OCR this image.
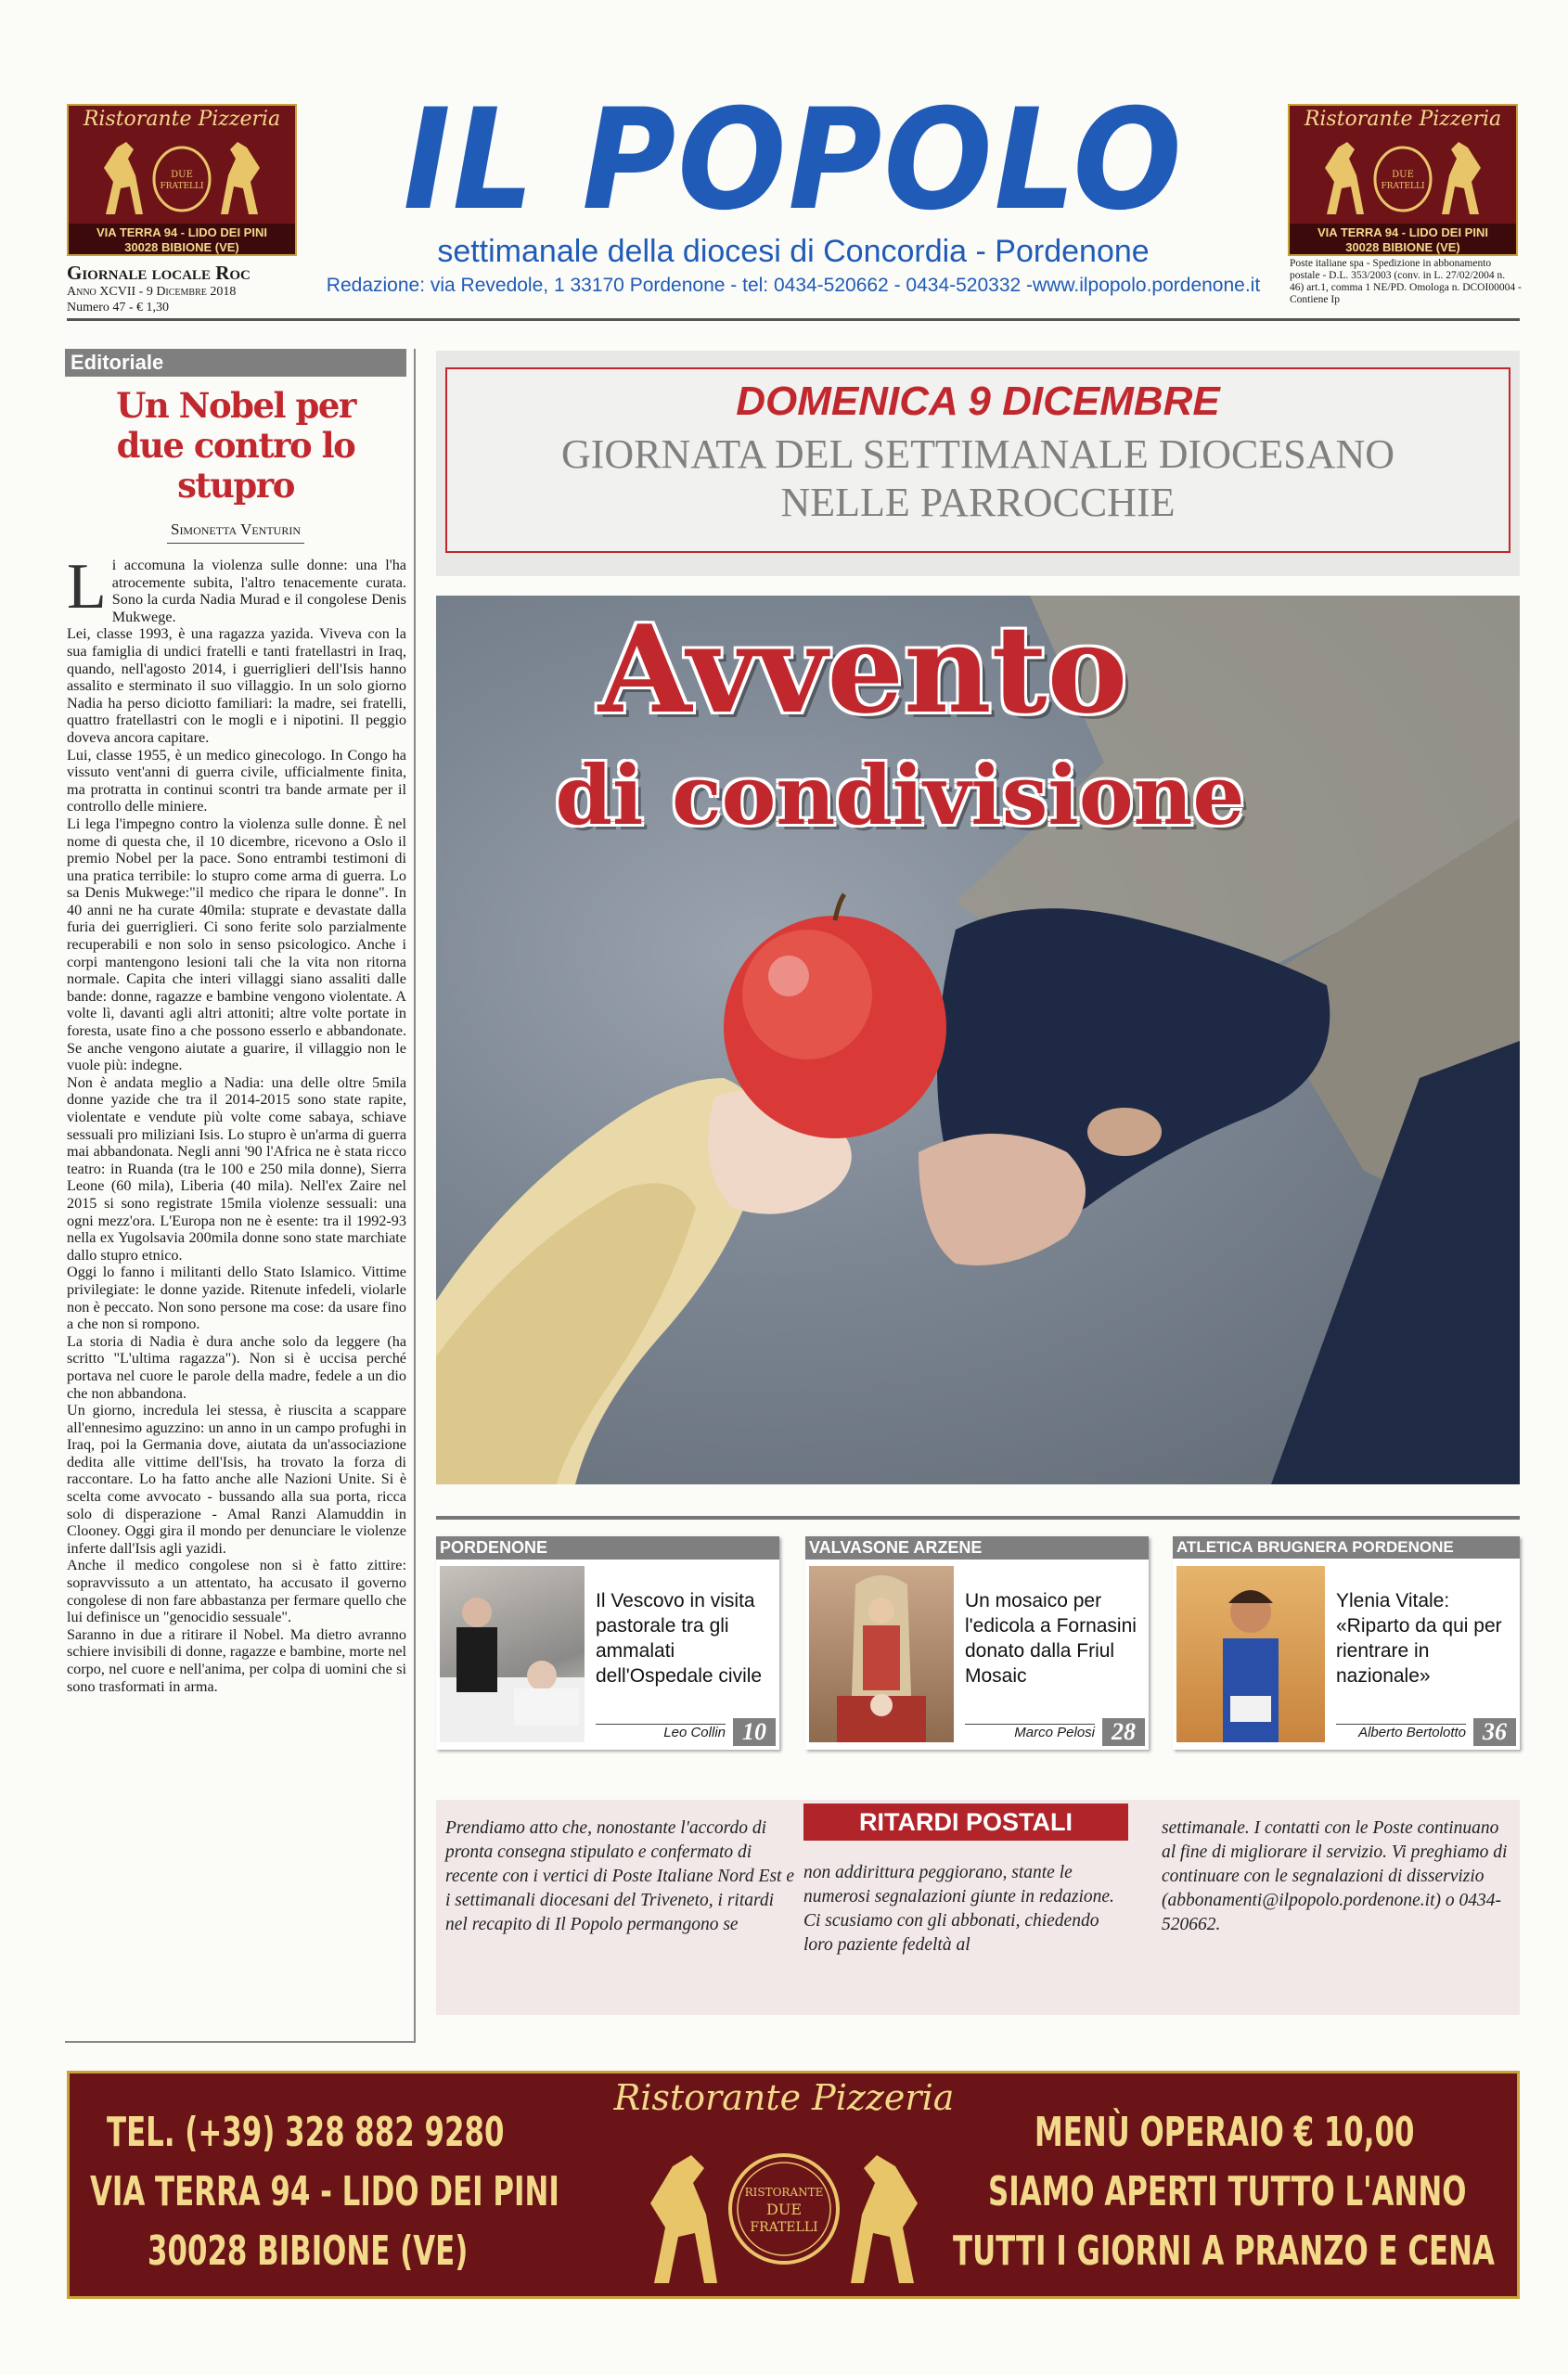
Ristorante Pizzeria
DUE
FRATELLI
VIA TERRA 94 - LIDO DEI PINI
30028 BIBIONE (VE)
Ristorante Pizzeria
DUE
FRATELLI
VIA TERRA 94 - LIDO DEI PINI
30028 BIBIONE (VE)
IL POPOLO
settimanale della diocesi di Concordia - Pordenone
Redazione: via Revedole, 1 33170 Pordenone - tel: 0434-520662 - 0434-520332 -www.ilpopolo.pordenone.it
Giornale locale Roc
Anno XCVII - 9 Dicembre 2018
Numero 47 - € 1,30
Poste italiane spa - Spedizione in abbonamento postale - D.L. 353/2003 (conv. in L. 27/02/2004 n. 46) art.1, comma 1 NE/PD. Omologa n. DCOI00004 - Contiene Ip
Editoriale
Un Nobel per due contro lo stupro
Simonetta Venturin
L i accomuna la violenza sulle donne: una l'ha atrocemente subita, l'altro tenacemente curata. Sono la curda Nadia Murad e il congolese Denis Mukwege.

Lei, classe 1993, è una ragazza yazida. Viveva con la sua famiglia di undici fratelli e tanti fratellastri in Iraq, quando, nell'agosto 2014, i guerriglieri dell'Isis hanno assalito e sterminato il suo villaggio. In un solo giorno Nadia ha perso diciotto familiari: la madre, sei fratelli, quattro fratellastri con le mogli e i nipotini. Il peggio doveva ancora capitare.

Lui, classe 1955, è un medico ginecologo. In Congo ha vissuto vent'anni di guerra civile, ufficialmente finita, ma protratta in continui scontri tra bande armate per il controllo delle miniere.

Li lega l'impegno contro la violenza sulle donne. È nel nome di questa che, il 10 dicembre, ricevono a Oslo il premio Nobel per la pace. Sono entrambi testimoni di una pratica terribile: lo stupro come arma di guerra. Lo sa Denis Mukwege:"il medico che ripara le donne". In 40 anni ne ha curate 40mila: stuprate e devastate dalla furia dei guerriglieri. Ci sono ferite solo parzialmente recuperabili e non solo in senso psicologico. Anche i corpi mantengono lesioni tali che la vita non ritorna normale. Capita che interi villaggi siano assaliti dalle bande: donne, ragazze e bambine vengono violentate. A volte lì, davanti agli altri attoniti; altre volte portate in foresta, usate fino a che possono esserlo e abbandonate. Se anche vengono aiutate a guarire, il villaggio non le vuole più: indegne.

Non è andata meglio a Nadia: una delle oltre 5mila donne yazide che tra il 2014-2015 sono state rapite, violentate e vendute più volte come sabaya, schiave sessuali pro miliziani Isis. Lo stupro è un'arma di guerra mai abbandonata. Negli anni '90 l'Africa ne è stata ricco teatro: in Ruanda (tra le 100 e 250 mila donne), Sierra Leone (60 mila), Liberia (40 mila). Nell'ex Zaire nel 2015 si sono registrate 15mila violenze sessuali: una ogni mezz'ora. L'Europa non ne è esente: tra il 1992-93 nella ex Yugolsavia 200mila donne sono state marchiate dallo stupro etnico.

Oggi lo fanno i militanti dello Stato Islamico. Vittime privilegiate: le donne yazide. Ritenute infedeli, violarle non è peccato. Non sono persone ma cose: da usare fino a che non si rompono.

La storia di Nadia è dura anche solo da leggere (ha scritto "L'ultima ragazza"). Non si è uccisa perché portava nel cuore le parole della madre, fedele a un dio che non abbandona.

Un giorno, incredula lei stessa, è riuscita a scappare all'ennesimo aguzzino: un anno in un campo profughi in Iraq, poi la Germania dove, aiutata da un'associazione dedita alle vittime dell'Isis, ha trovato la forza di raccontare. Lo ha fatto anche alle Nazioni Unite. Si è scelta come avvocato - bussando alla sua porta, ricca solo di disperazione - Amal Ranzi Alamuddin in Clooney. Oggi gira il mondo per denunciare le violenze inferte dall'Isis agli yazidi.

Anche il medico congolese non si è fatto zittire: sopravvissuto a un attentato, ha accusato il governo congolese di non fare abbastanza per fermare quello che lui definisce un "genocidio sessuale".

Saranno in due a ritirare il Nobel. Ma dietro avranno schiere invisibili di donne, ragazze e bambine, morte nel corpo, nel cuore e nell'anima, per colpa di uomini che si sono trasformati in arma.

DOMENICA 9 DICEMBRE
GIORNATA DEL SETTIMANALE DIOCESANO
NELLE PARROCCHIE
Avvento
di condivisione
PORDENONE
Il Vescovo in visita pastorale tra gli ammalati dell'Ospedale civile
Leo Collin 10
VALVASONE ARZENE
Un mosaico per l'edicola a Fornasini donato dalla Friul Mosaic
Marco Pelosi 28
ATLETICA BRUGNERA PORDENONE
Ylenia Vitale: «Riparto da qui per rientrare in nazionale»
Alberto Bertolotto 36
RITARDI POSTALI
Prendiamo atto che, nonostante l'accordo di pronta consegna stipulato e confermato di recente con i vertici di Poste Italiane Nord Est e i settimanali diocesani del Triveneto, i ritardi nel recapito di Il Popolo permangono se
non addirittura peggiorano, stante le numerosi segnalazioni giunte in redazione. Ci scusiamo con gli abbonati, chiedendo loro paziente fedeltà al
settimanale. I contatti con le Poste continuano al fine di migliorare il servizio. Vi preghiamo di continuare con le segnalazioni di disservizio (abbonamenti@ilpopolo.pordenone.it) o 0434-520662.
TEL. (+39) 328 882 9280
VIA TERRA 94 - LIDO DEI PINI
30028 BIBIONE (VE)
Ristorante Pizzeria
RISTORANTE
DUE
FRATELLI
MENÙ OPERAIO € 10,00
SIAMO APERTI TUTTO L'ANNO
TUTTI I GIORNI A PRANZO E CENA
